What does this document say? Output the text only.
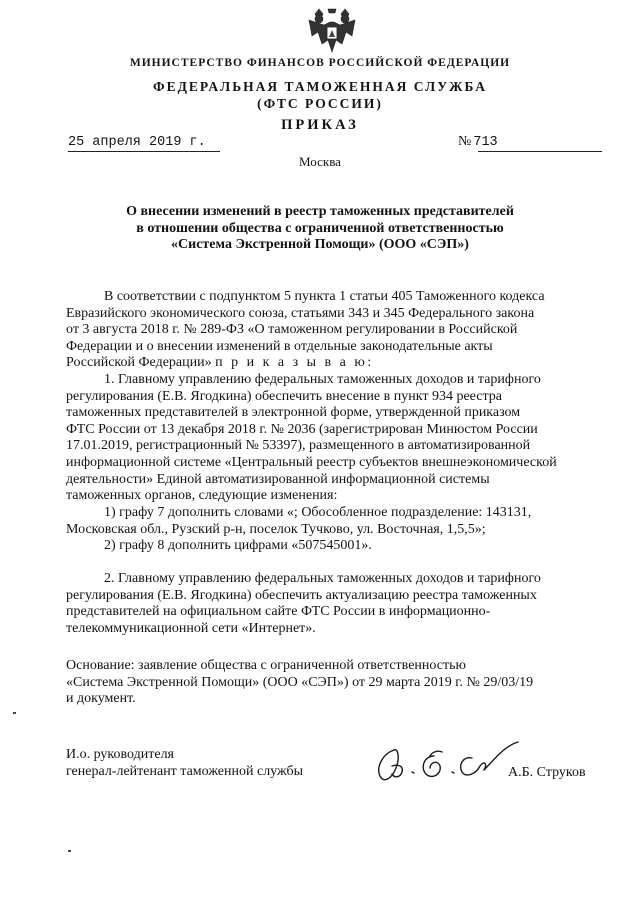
МИНИСТЕРСТВО ФИНАНСОВ РОССИЙСКОЙ ФЕДЕРАЦИИ
ФЕДЕРАЛЬНАЯ ТАМОЖЕННАЯ СЛУЖБА
(ФТС РОССИИ)
ПРИКАЗ
25 апреля 2019 г.	№ 713
Москва
О внесении изменений в реестр таможенных представителей
в отношении общества с ограниченной ответственностью
«Система Экстренной Помощи» (ООО «СЭП»)
В соответствии с подпунктом 5 пункта 1 статьи 405 Таможенного кодекса
Евразийского экономического союза, статьями 343 и 345 Федерального закона
от 3 августа 2018 г. № 289-ФЗ «О таможенном регулировании в Российской
Федерации и о внесении изменений в отдельные законодательные акты
Российской Федерации» п р и к а з ы в а ю:
1. Главному управлению федеральных таможенных доходов и тарифного
регулирования (Е.В. Ягодкина) обеспечить внесение в пункт 934 реестра
таможенных представителей в электронной форме, утвержденной приказом
ФТС России от 13 декабря 2018 г. № 2036 (зарегистрирован Минюстом России
17.01.2019, регистрационный № 53397), размещенного в автоматизированной
информационной системе «Центральный реестр субъектов внешнеэкономической
деятельности» Единой автоматизированной информационной системы
таможенных органов, следующие изменения:
1) графу 7 дополнить словами «; Обособленное подразделение: 143131,
Московская обл., Рузский р-н, поселок Тучково, ул. Восточная, 1,5,5»;
2) графу 8 дополнить цифрами «507545001».
2. Главному управлению федеральных таможенных доходов и тарифного
регулирования (Е.В. Ягодкина) обеспечить актуализацию реестра таможенных
представителей на официальном сайте ФТС России в информационно-
телекоммуникационной сети «Интернет».
Основание: заявление общества с ограниченной ответственностью
«Система Экстренной Помощи» (ООО «СЭП») от 29 марта 2019 г. № 29/03/19
и документ.
И.о. руководителя
генерал-лейтенант таможенной службы	А.Б. Струков
